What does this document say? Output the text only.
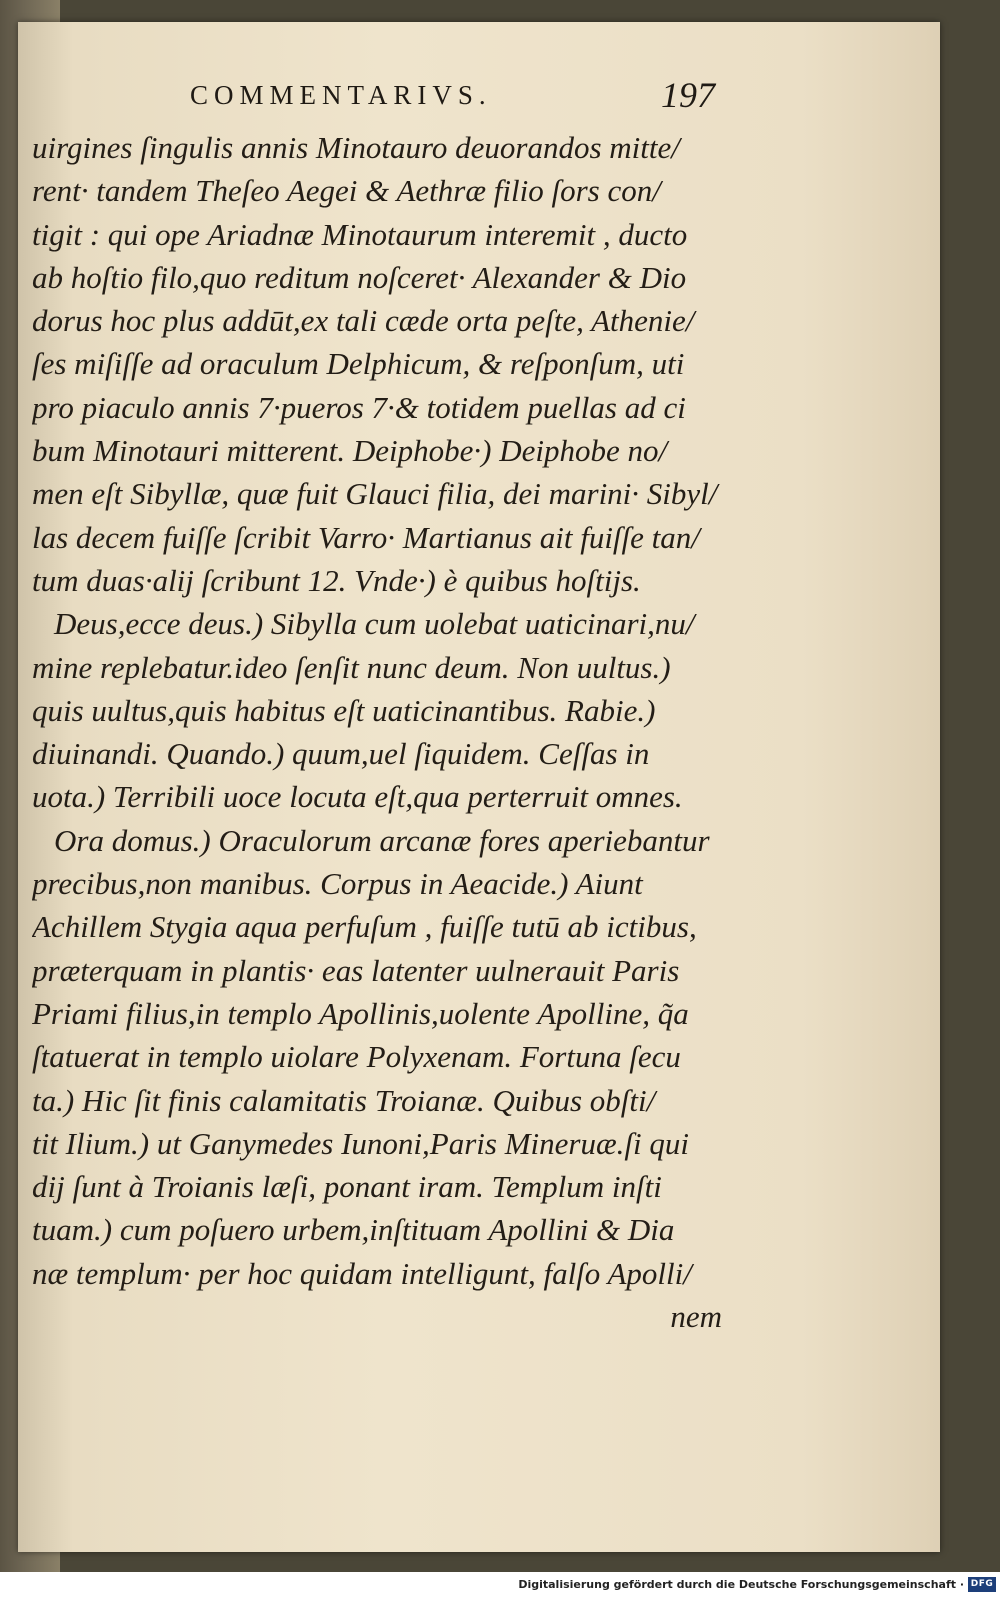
COMMENTARIVS.	197
uirgines ſingulis annis Minotauro deuorandos mitte/
rent· tandem Theſeo Aegei & Aethræ filio ſors con/
tigit : qui ope Ariadnæ Minotaurum interemit , ducto
ab hoſtio filo,quo reditum noſceret· Alexander & Dio
dorus hoc plus addūt,ex tali cæde orta peſte, Athenie/
ſes miſiſſe ad oraculum Delphicum, & reſponſum, uti
pro piaculo annis 7·pueros 7·& totidem puellas ad ci
bum Minotauri mitterent. Deiphobe·) Deiphobe no/
men eſt Sibyllæ, quæ fuit Glauci filia, dei marini· Sibyl/
las decem fuiſſe ſcribit Varro· Martianus ait fuiſſe tan/
tum duas·alij ſcribunt 12. Vnde·) è quibus hoſtijs.
Deus,ecce deus.) Sibylla cum uolebat uaticinari,nu/
mine replebatur.ideo ſenſit nunc deum. Non uultus.)
quis uultus,quis habitus eſt uaticinantibus. Rabie.)
diuinandi. Quando.) quum,uel ſiquidem. Ceſſas in
uota.) Terribili uoce locuta eſt,qua perterruit omnes.
Ora domus.) Oraculorum arcanæ fores aperiebantur
precibus,non manibus. Corpus in Aeacide.) Aiunt
Achillem Stygia aqua perfuſum , fuiſſe tutū ab ictibus,
præterquam in plantis· eas latenter uulnerauit Paris
Priami filius,in templo Apollinis,uolente Apolline, q̃a
ſtatuerat in templo uiolare Polyxenam. Fortuna ſecu
ta.) Hic ſit finis calamitatis Troianæ. Quibus obſti/
tit Ilium.) ut Ganymedes Iunoni,Paris Mineruæ.ſi qui
dij ſunt à Troianis læſi, ponant iram. Templum inſti
tuam.) cum poſuero urbem,inſtituam Apollini & Dia
næ templum· per hoc quidam intelligunt, falſo Apolli/
nem
Digitalisierung gefördert durch die Deutsche Forschungsgemeinschaft · DFG
